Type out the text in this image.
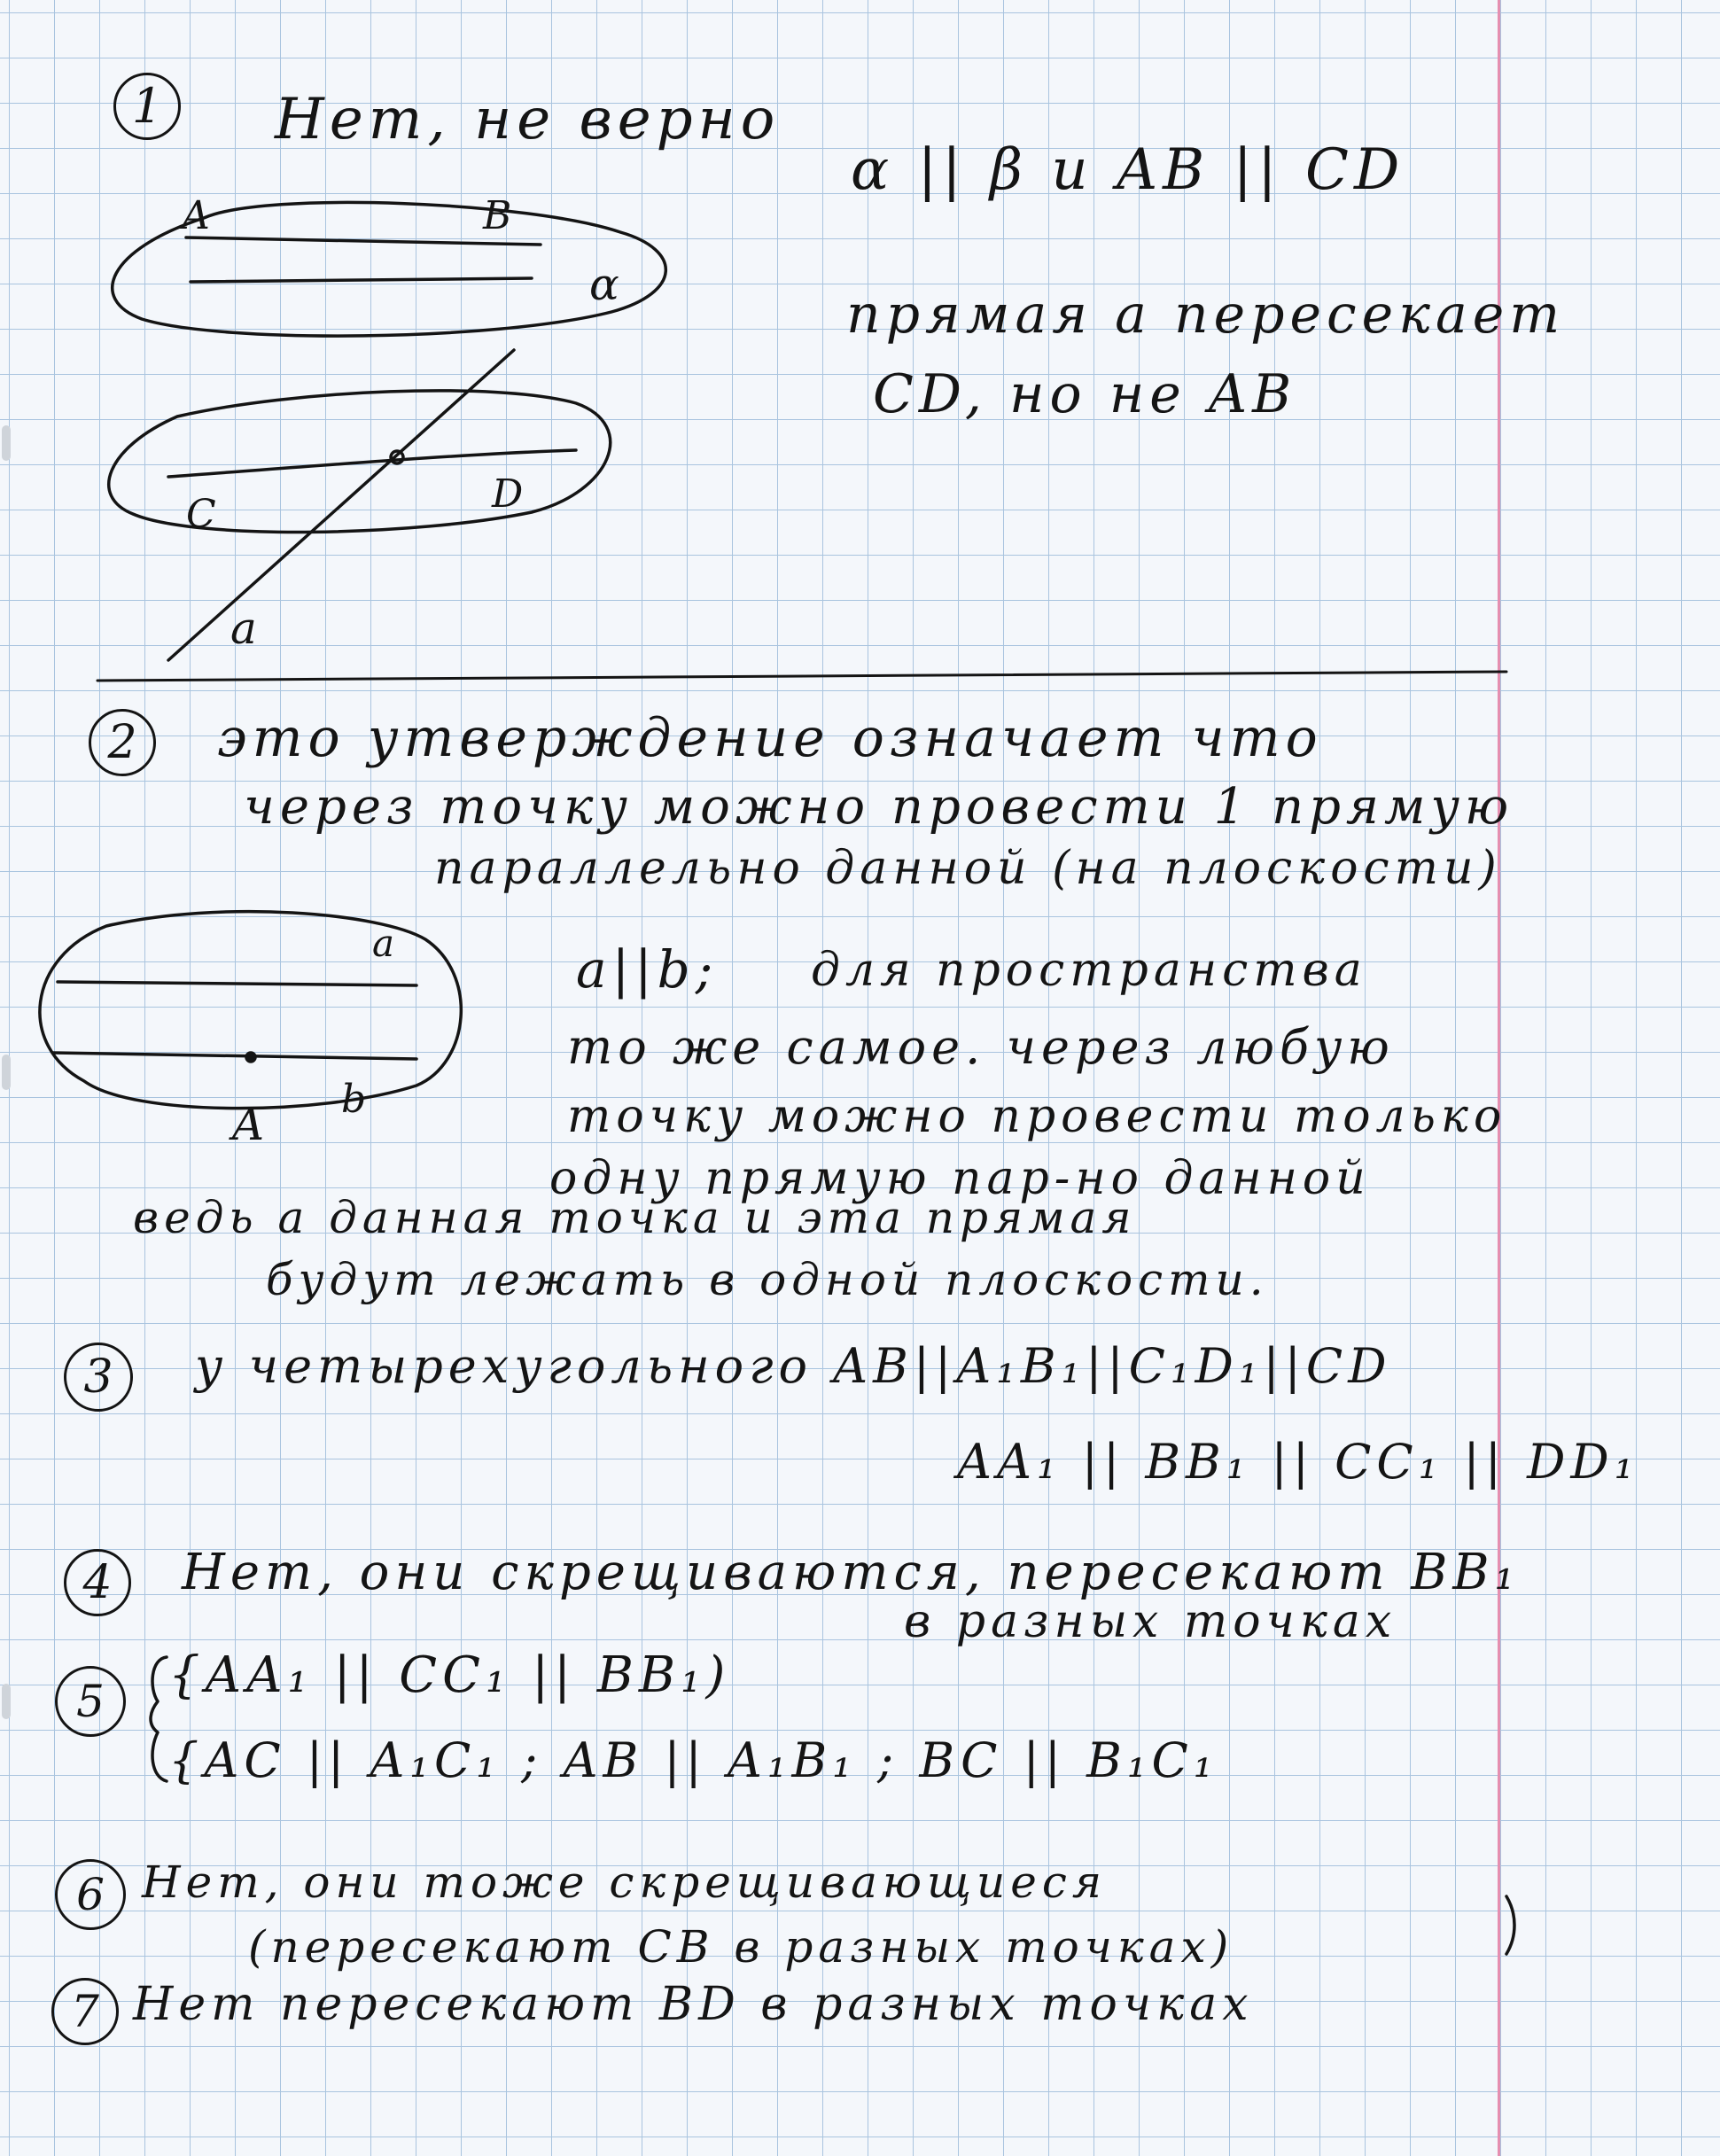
1	Нет, не верно
α || β и AB || CD
прямая a пересекает
CD, но не AB
A	B
α
C	D
a
2	это утверждение означает что
через точку можно провести 1 прямую
параллельно данной (на плоскости)
a||b; для пространства
то же самое. через любую
точку можно провести только
одну прямую пар-но данной
ведь а данная точка и эта прямая
будут лежать в одной плоскости.
a
A b
3	у четырехугольного AB||A₁B₁||C₁D₁||CD
AA₁ || BB₁ || CC₁ || DD₁
4	Нет, они скрещиваются, пересекают BB₁
в разных точках
5	{AA₁ || CC₁ || BB₁)
{AC || A₁C₁ ; AB || A₁B₁ ; BC || B₁C₁
6 Нет, они тоже скрещивающиеся
(пересекают CB в разных точках)
7 Нет пересекают BD в разных точках
